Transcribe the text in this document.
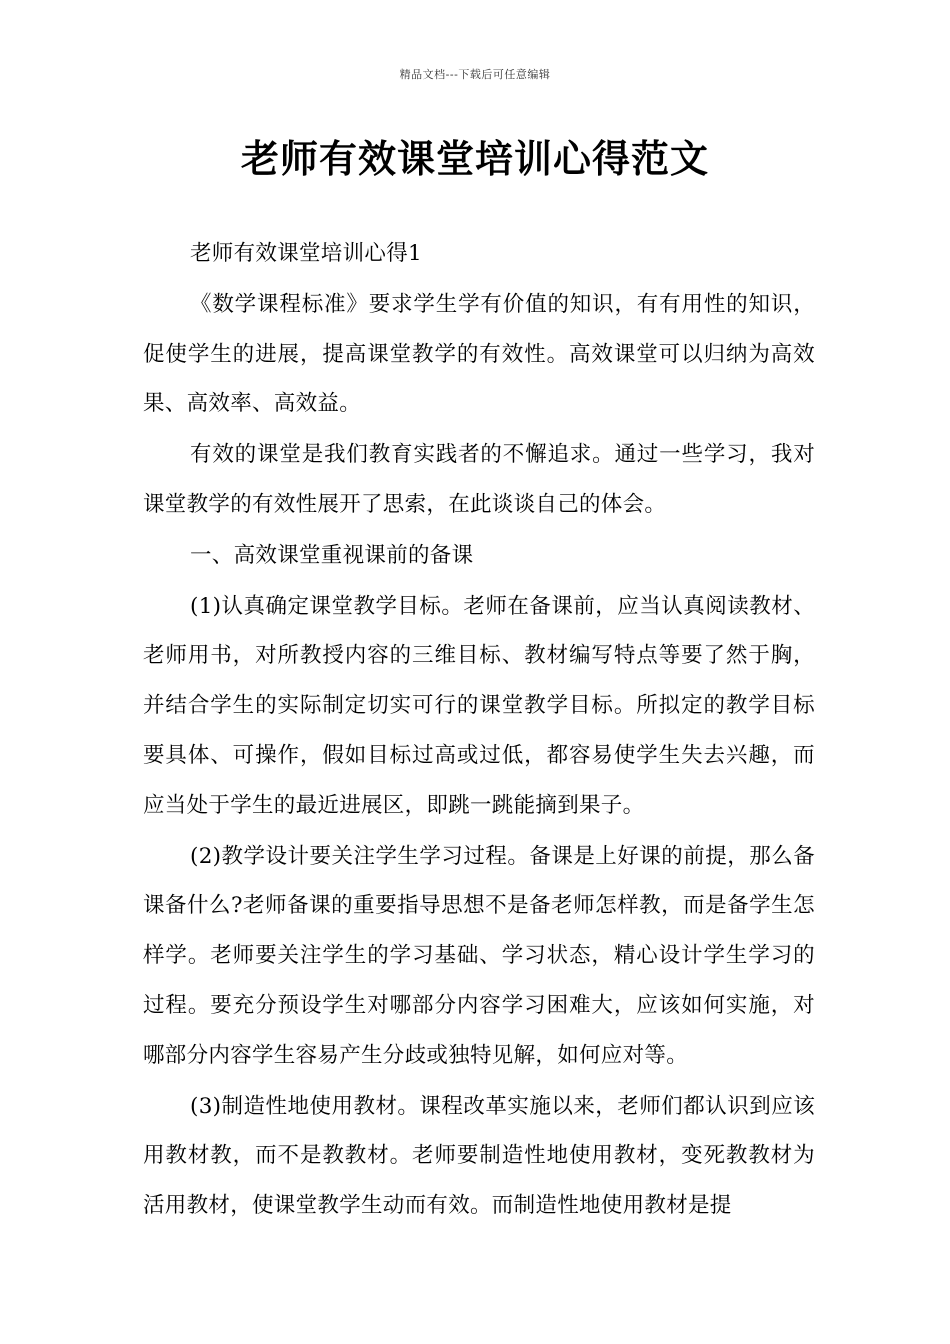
精品文档---下载后可任意编辑
老师有效课堂培训心得范文

老师有效课堂培训心得1

《数学课程标准》要求学生学有价值的知识，有有用性的知识，促使学生的进展，提高课堂教学的有效性。高效课堂可以归纳为高效果、高效率、高效益。

有效的课堂是我们教育实践者的不懈追求。通过一些学习，我对课堂教学的有效性展开了思索，在此谈谈自己的体会。

一、高效课堂重视课前的备课

(1)认真确定课堂教学目标。老师在备课前，应当认真阅读教材、老师用书，对所教授内容的三维目标、教材编写特点等要了然于胸，并结合学生的实际制定切实可行的课堂教学目标。所拟定的教学目标要具体、可操作，假如目标过高或过低，都容易使学生失去兴趣，而应当处于学生的最近进展区，即跳一跳能摘到果子。

(2)教学设计要关注学生学习过程。备课是上好课的前提，那么备课备什么?老师备课的重要指导思想不是备老师怎样教，而是备学生怎样学。老师要关注学生的学习基础、学习状态，精心设计学生学习的过程。要充分预设学生对哪部分内容学习困难大，应该如何实施，对哪部分内容学生容易产生分歧或独特见解，如何应对等。

(3)制造性地使用教材。课程改革实施以来，老师们都认识到应该用教材教，而不是教教材。老师要制造性地使用教材，变死教教材为活用教材，使课堂教学生动而有效。而制造性地使用教材是提
